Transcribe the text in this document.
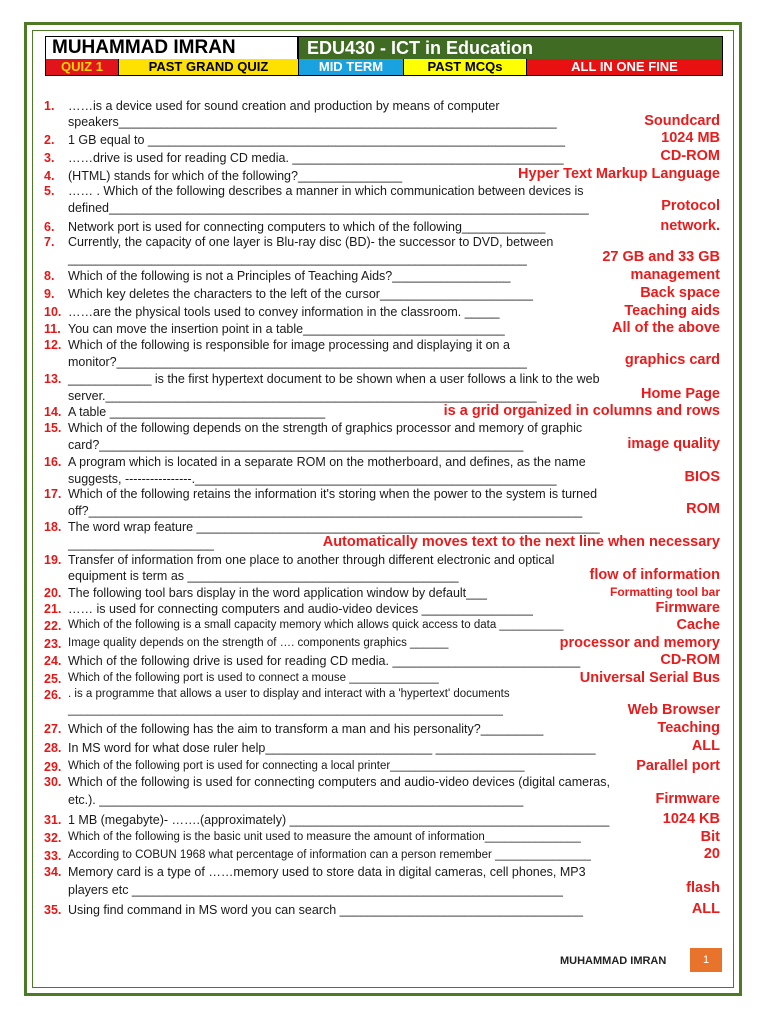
MUHAMMAD IMRAN	EDU430 - ICT in Education
QUIZ 1	PAST GRAND QUIZ	MID TERM	PAST MCQs	ALL IN ONE FINE
1. ……is a device used for sound creation and production by means of computer
speakers_______________________________________________________________	Soundcard
2. 1 GB equal to ____________________________________________________________	1024 MB
3. ……drive is used for reading CD media. _______________________________________	CD-ROM
4. (HTML) stands for which of the following?_______________	Hyper Text Markup Language
5. …… . Which of the following describes a manner in which communication between devices is
defined_____________________________________________________________________	Protocol
6. Network port is used for connecting computers to which of the following____________	network.
7. Currently, the capacity of one layer is Blu-ray disc (BD)- the successor to DVD, between
__________________________________________________________________	27 GB and 33 GB
8. Which of the following is not a Principles of Teaching Aids?_________________	management
9. Which key deletes the characters to the left of the cursor______________________	Back space
10. ……are the physical tools used to convey information in the classroom. _____	Teaching aids
11. You can move the insertion point in a table_____________________________	All of the above
12. Which of the following is responsible for image processing and displaying it on a
monitor?___________________________________________________________	graphics card
13. ____________ is the first hypertext document to be shown when a user follows a link to the web
server.______________________________________________________________	Home Page
14. A table _______________________________	is a grid organized in columns and rows
15. Which of the following depends on the strength of graphics processor and memory of graphic
card?_____________________________________________________________	image quality
16. A program which is located in a separate ROM on the motherboard, and defines, as the name
suggests, ----------------.____________________________________________________	BIOS
17. Which of the following retains the information it's storing when the power to the system is turned
off?_______________________________________________________________________	ROM
18. The word wrap feature __________________________________________________________
_____________________	Automatically moves text to the next line when necessary
19. Transfer of information from one place to another through different electronic and optical
equipment is term as _______________________________________	flow of information
20. The following tool bars display in the word application window by default___	Formatting tool bar
21. …… is used for connecting computers and audio-video devices ________________	Firmware
22. Which of the following is a small capacity memory which allows quick access to data __________	Cache
23. Image quality depends on the strength of …. components graphics ______	processor and memory
24. Which of the following drive is used for reading CD media. ___________________________	CD-ROM
25. Which of the following port is used to connect a mouse ______________	Universal Serial Bus
26. . is a programme that allows a user to display and interact with a 'hypertext' documents
____________________________________________________________________	Web Browser
27. Which of the following has the aim to transform a man and his personality?_________	Teaching
28. In MS word for what dose ruler help________________________ _______________________	ALL
29. Which of the following port is used for connecting a local printer_____________________	Parallel port
30. Which of the following is used for connecting computers and audio-video devices (digital cameras,
etc.). _____________________________________________________________	Firmware
31. 1 MB (megabyte)- …….(approximately) ______________________________________________	1024 KB
32. Which of the following is the basic unit used to measure the amount of information_______________	Bit
33. According to COBUN 1968 what percentage of information can a person remember _______________	20
34. Memory card is a type of ……memory used to store data in digital cameras, cell phones, MP3
players etc ______________________________________________________________	flash
35. Using find command in MS word you can search ___________________________________	ALL
MUHAMMAD IMRAN	1
